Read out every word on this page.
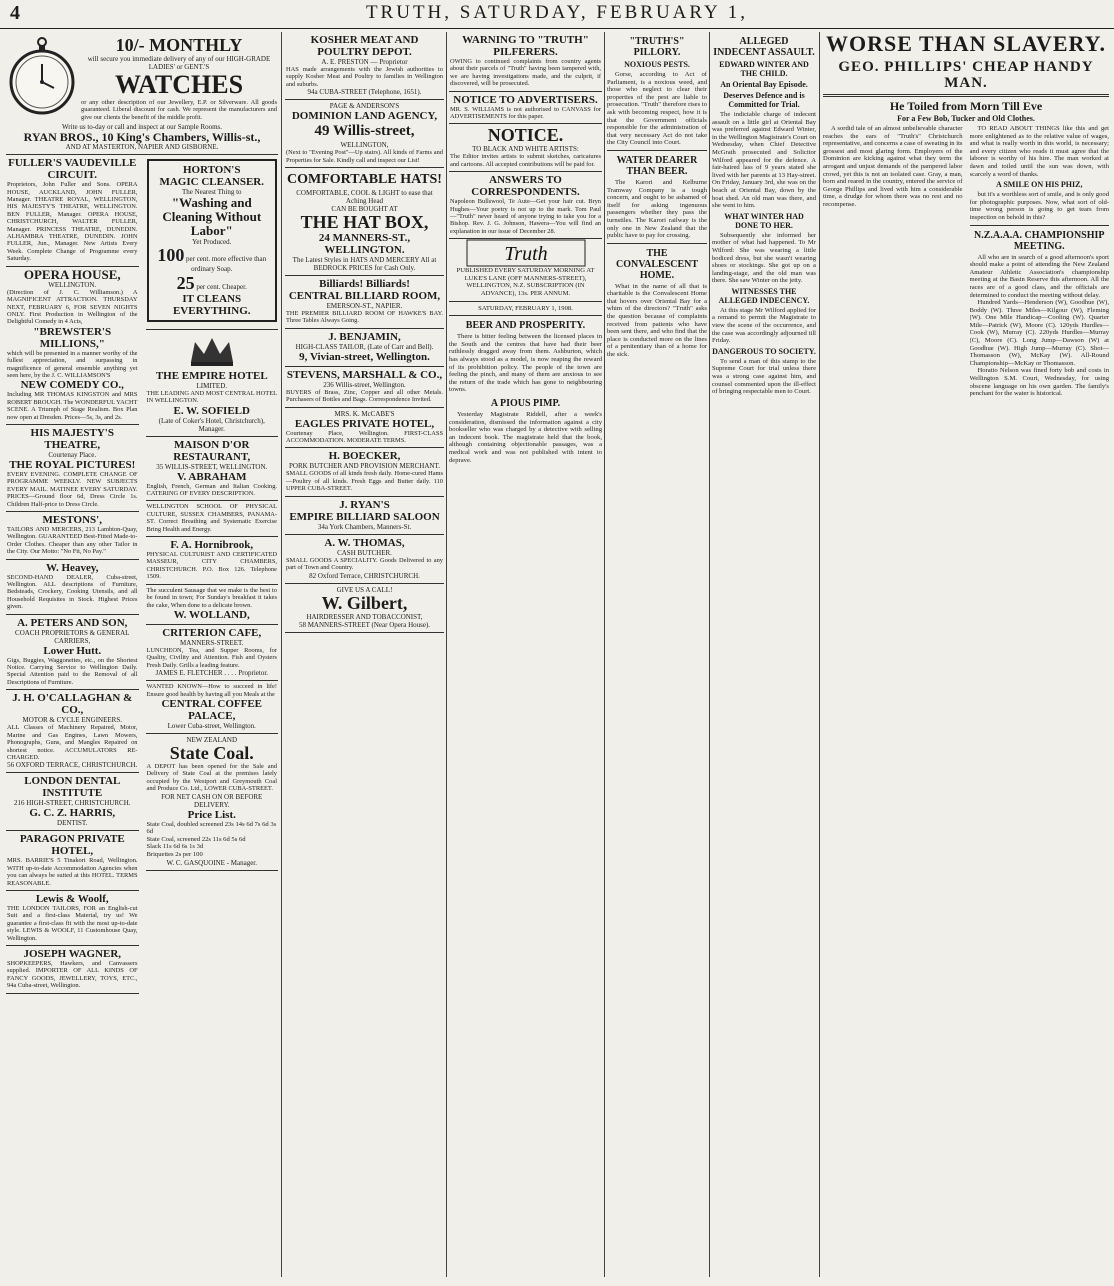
4	TRUTH, SATURDAY, FEBRUARY 1,
10/- MONTHLY
will secure you immediate delivery of any of our HIGH-GRADE LADIES' or GENT.'S
WATCHES
or any other description of our Jewellery, E.P. or Silverware. All goods guaranteed. Liberal discount for cash. We represent the manufacturers and give our clients the benefit of the middle profit.
Write us to-day or call and inspect at our Sample Rooms.
RYAN BROS., 10 King's Chambers, Willis-st.,
AND AT MASTERTON, NAPIER AND GISBORNE.
FULLER'S VAUDEVILLE CIRCUIT.
Proprietors, John Fuller and Sons. OPERA HOUSE, AUCKLAND, JOHN FULLER, Manager. THEATRE ROYAL, WELLINGTON, HIS MAJESTY'S THEATRE, WELLINGTON. BEN FULLER, Manager. OPERA HOUSE, CHRISTCHURCH, WALTER FULLER, Manager. PRINCESS THEATRE, DUNEDIN. ALHAMBRA THEATRE, DUNEDIN. JOHN FULLER, Jun., Manager. New Artists Every Week. Complete Change of Programme every Saturday.
OPERA HOUSE,
WELLINGTON.
(Direction of J. C. Williamson.) A MAGNIFICENT ATTRACTION. THURSDAY NEXT, FEBRUARY 6, FOR SEVEN NIGHTS ONLY. First Production in Wellington of the Delightful Comedy in 4 Acts,
"BREWSTER'S MILLIONS,"
which will be presented in a manner worthy of the fullest appreciation, and surpassing in magnificence of general ensemble anything yet seen here, by the J. C. WILLIAMSON'S
NEW COMEDY CO.,
Including MR THOMAS KINGSTON and MRS ROBERT BROUGH. The WONDERFUL YACHT SCENE. A Triumph of Stage Realism. Box Plan now open at Dresden. Prices—5s, 3s, and 2s.
HIS MAJESTY'S THEATRE,
Courtenay Place.
THE ROYAL PICTURES!
EVERY EVENING. COMPLETE CHANGE OF PROGRAMME WEEKLY. NEW SUBJECTS EVERY MAIL. MATINEE EVERY SATURDAY. PRICES—Ground floor 6d, Dress Circle 1s. Children Half-price to Dress Circle.
MESTONS',
TAILORS AND MERCERS, 213 Lambton-Quay, Wellington. GUARANTEED Best-Fitted Made-to-Order Clothes. Cheaper than any other Tailor in the City. Our Motto: "No Fit, No Pay."
W. Heavey,
SECOND-HAND DEALER, Cuba-street, Wellington. ALL descriptions of Furniture, Bedsteads, Crockery, Cooking Utensils, and all Household Requisites in Stock. Highest Prices given.
A. PETERS AND SON,
COACH PROPRIETORS & GENERAL CARRIERS,
Lower Hutt.
Gigs, Buggies, Waggonettes, etc., on the Shortest Notice. Carrying Service to Wellington Daily. Special Attention paid to the Removal of all Descriptions of Furniture.
J. H. O'CALLAGHAN & CO.,
MOTOR & CYCLE ENGINEERS.
ALL Classes of Machinery Repaired, Motor, Marine and Gas Engines, Lawn Mowers, Phonographs, Guns, and Mangles Repaired on shortest notice. ACCUMULATORS RE-CHARGED.
56 OXFORD TERRACE, CHRISTCHURCH.
LONDON DENTAL INSTITUTE
216 HIGH-STREET, CHRISTCHURCH.
G. C. Z. HARRIS,
DENTIST.
PARAGON PRIVATE HOTEL,
MRS. BARRIE'S 5 Tinakori Road, Wellington. WITH up-to-date Accommodation Agencies when you can always be suited at this HOTEL. TERMS REASONABLE.
Lewis & Woolf,
THE LONDON TAILORS, FOR an English-cut Suit and a first-class Material, try us! We guarantee a first-class fit with the most up-to-date style. LEWIS & WOOLF, 11 Customhouse Quay, Wellington.
JOSEPH WAGNER,
SHOPKEEPERS, Hawkers, and Canvassers supplied. IMPORTER OF ALL KINDS OF FANCY GOODS, JEWELLERY, TOYS, ETC., 94a Cuba-street, Wellington.
HORTON'S
MAGIC CLEANSER.
The Nearest Thing to
"Washing and Cleaning Without Labor"
Yet Produced.
100 per cent. more effective than ordinary Soap.
25 per cent. Cheaper.
IT CLEANS EVERYTHING.
THE EMPIRE HOTEL
LIMITED.
THE LEADING AND MOST CENTRAL HOTEL IN WELLINGTON.
E. W. SOFIELD
(Late of Coker's Hotel, Christchurch), Manager.
MAISON D'OR RESTAURANT,
35 WILLIS-STREET, WELLINGTON.
V. ABRAHAM
English, French, German and Italian Cooking. CATERING OF EVERY DESCRIPTION.
WELLINGTON SCHOOL OF PHYSICAL CULTURE, SUSSEX CHAMBERS, PANAMA-ST. Correct Breathing and Systematic Exercise Bring Health and Energy.
F. A. Hornibrook,
PHYSICAL CULTURIST AND CERTIFICATED MASSEUR, CITY CHAMBERS, CHRISTCHURCH. P.O. Box 126. Telephone 1509.
The succulent Sausage that we make is the best to be found in town; For Sunday's breakfast it takes the cake, When done to a delicate brown.
W. WOLLAND,
CRITERION CAFE,
MANNERS-STREET.
LUNCHEON, Tea, and Supper Rooms, for Quality, Civility and Attention. Fish and Oysters Fresh Daily. Grills a leading feature.
JAMES E. FLETCHER . . . . Proprietor.
WANTED KNOWN—How to succeed in life! Ensure good health by having all you Meals at the
CENTRAL COFFEE PALACE,
Lower Cuba-street, Wellington.
NEW ZEALAND
State Coal.
A DEPOT has been opened for the Sale and Delivery of State Coal at the premises lately occupied by the Westport and Greymouth Coal and Produce Co. Ltd., LOWER CUBA-STREET.
FOR NET CASH ON OR BEFORE DELIVERY.
Price List.
State Coal, doubled screened 23s 14s 6d 7s 6d 3s 6d
State Coal, screened 22s 11s 6d 5s 6d
Slack 11s 6d 6s 1s 3d
Briquettes 2s per 100
W. C. GASQUOINE - Manager.
KOSHER MEAT AND POULTRY DEPOT.
A. E. PRESTON — Proprietor
HAS made arrangements with the Jewish authorities to supply Kosher Meat and Poultry to families in Wellington and suburbs.
94a CUBA-STREET (Telephone, 1651).
PAGE & ANDERSON'S
DOMINION LAND AGENCY,
49 Willis-street,
WELLINGTON,
(Next to "Evening Post"—Up stairs). All kinds of Farms and Properties for Sale. Kindly call and inspect our List!
COMFORTABLE HATS!
COMFORTABLE, COOL & LIGHT to ease that Aching Head
CAN BE BOUGHT AT
THE HAT BOX,
24 MANNERS-ST., WELLINGTON.
The Latest Styles in HATS AND MERCERY All at BEDROCK PRICES for Cash Only.
Billiards! Billiards!
CENTRAL BILLIARD ROOM,
EMERSON-ST., NAPIER.
THE PREMIER BILLIARD ROOM OF HAWKE'S BAY. Three Tables Always Going.
J. BENJAMIN,
HIGH-CLASS TAILOR, (Late of Carr and Bell).
9, Vivian-street, Wellington.
STEVENS, MARSHALL & CO.,
236 Willis-street, Wellington.
BUYERS of Brass, Zinc, Copper and all other Metals. Purchasers of Bottles and Bags. Correspondence Invited.
MRS. K. McCABE'S
EAGLES PRIVATE HOTEL,
Courtenay Place, Wellington. FIRST-CLASS ACCOMMODATION. MODERATE TERMS.
H. BOECKER,
PORK BUTCHER AND PROVISION MERCHANT.
SMALL GOODS of all kinds fresh daily. Home-cured Hams—Poultry of all kinds. Fresh Eggs and Butter daily. 110 UPPER CUBA-STREET.
J. RYAN'S
EMPIRE BILLIARD SALOON
34a York Chambers, Manners-St.
A. W. THOMAS,
CASH BUTCHER.
SMALL GOODS A SPECIALITY. Goods Delivered to any part of Town and Country.
82 Oxford Terrace, CHRISTCHURCH.
GIVE US A CALL!
W. Gilbert,
HAIRDRESSER AND TOBACCONIST,
58 MANNERS-STREET (Near Opera House).
WARNING TO "TRUTH" PILFERERS.
OWING to continued complaints from country agents about their parcels of "Truth" having been tampered with, we are having investigations made, and the culprit, if discovered, will be prosecuted.
NOTICE TO ADVERTISERS.
MR. S. WILLIAMS is not authorised to CANVASS for ADVERTISEMENTS for this paper.
NOTICE.
TO BLACK AND WHITE ARTISTS:
The Editor invites artists to submit sketches, caricatures and cartoons. All accepted contributions will be paid for.
ANSWERS TO CORRESPONDENTS.
Napoleon Bullswool, Te Aute—Get your hair cut. Bryn Hughes—Your poetry is not up to the mark. Tom Paul—"Truth" never heard of anyone trying to take you for a Bishop. Rev. J. G. Johnson, Hawera—You will find an explanation in our issue of December 28.
Truth
PUBLISHED EVERY SATURDAY MORNING AT LUKE'S LANE (OFF MANNERS-STREET), WELLINGTON, N.Z. SUBSCRIPTION (IN ADVANCE), 13s. PER ANNUM.
SATURDAY, FEBRUARY 1, 1908.
BEER AND PROSPERITY.

There is bitter feeling between the licensed places in the South and the centres that have had their beer ruthlessly dragged away from them. Ashburton, which has always stood as a model, is now reaping the reward of its prohibition policy. The people of the town are feeling the pinch, and many of them are anxious to see the return of the trade which has gone to neighbouring towns.

A PIOUS PIMP.

Yesterday Magistrate Riddell, after a week's consideration, dismissed the information against a city bookseller who was charged by a detective with selling an indecent book. The magistrate held that the book, although containing objectionable passages, was a medical work and was not published with intent to deprave.

"TRUTH'S" PILLORY.
NOXIOUS PESTS.

Gorse, according to Act of Parliament, is a noxious weed, and those who neglect to clear their properties of the pest are liable to prosecution. "Truth" therefore rises to ask with becoming respect, how it is that the Government officials responsible for the administration of that very necessary Act do not take the City Council into Court.

WATER DEARER THAN BEER.

The Karori and Kelburne Tramway Company is a tough concern, and ought to be ashamed of itself for asking ingenuous passengers whether they pass the turnstiles. The Karori railway is the only one in New Zealand that the public have to pay for crossing.

THE CONVALESCENT HOME.

What in the name of all that is charitable is the Convalescent Home that hovers over Oriental Bay for a whim of the directors? "Truth" asks the question because of complaints received from patients who have been sent there, and who find that the place is conducted more on the lines of a penitentiary than of a home for the sick.

ALLEGED INDECENT ASSAULT.
EDWARD WINTER AND THE CHILD.
An Oriental Bay Episode.
Deserves Defence and is Committed for Trial.

The indictable charge of indecent assault on a little girl at Oriental Bay was preferred against Edward Winter, in the Wellington Magistrate's Court on Wednesday, when Chief Detective McGrath prosecuted and Solicitor Wilford appeared for the defence. A fair-haired lass of 9 years stated she lived with her parents at 13 Hay-street. On Friday, January 3rd, she was on the beach at Oriental Bay, down by the boat shed. An old man was there, and she went to him.

WHAT WINTER HAD DONE TO HER.

Subsequently she informed her mother of what had happened. To Mr Wilford: She was wearing a little bodiced dress, but she wasn't wearing shoes or stockings. She got up on a landing-stage, and the old man was there. She saw Winter on the jetty.

WITNESSES THE ALLEGED INDECENCY.

At this stage Mr Wilford applied for a remand to permit the Magistrate to view the scene of the occurrence, and the case was accordingly adjourned till Friday.

DANGEROUS TO SOCIETY.

To send a man of this stamp to the Supreme Court for trial unless there was a strong case against him, and counsel commented upon the ill-effect of bringing respectable men to Court.

WORSE THAN SLAVERY.
GEO. PHILLIPS' CHEAP HANDY MAN.
He Toiled from Morn Till Eve
For a Few Bob, Tucker and Old Clothes.

A sordid tale of an almost unbelievable character reaches the ears of "Truth's" Christchurch representative, and concerns a case of sweating in its grossest and most glaring form. Employers of the Dominion are kicking against what they term the arrogant and unjust demands of the pampered labor crowd, yet this is not an isolated case. Gray, a man, born and reared in the country, entered the service of George Phillips and lived with him a considerable time, a drudge for whom there was no rest and no recompense.

TO READ ABOUT THINGS like this and get more enlightened as to the relative value of wages, and what is really worth in this world, is necessary; and every citizen who reads it must agree that the laborer is worthy of his hire. The man worked at dawn and toiled until the sun was down, with scarcely a word of thanks.

A SMILE ON HIS PHIZ,

but it's a worthless sort of smile, and is only good for photographic purposes. Now, what sort of old-time wrong person is going to get tears from inspection on behold in this?

N.Z.A.A.A. CHAMPIONSHIP MEETING.

All who are in search of a good afternoon's sport should make a point of attending the New Zealand Amateur Athletic Association's championship meeting at the Basin Reserve this afternoon. All the races are of a good class, and the officials are determined to conduct the meeting without delay.

Hundred Yards—Henderson (W), Goodhue (W), Boddy (W). Three Miles—Kilgour (W), Fleming (W). One Mile Handicap—Cooling (W). Quarter Mile—Patrick (W), Moore (C). 120yds Hurdles—Cook (W), Murray (C). 220yds Hurdles—Murray (C), Moore (C). Long Jump—Dawson (W) at Goodhue (W). High Jump—Murray (C). Shot—Thomasson (W), McKay (W). All-Round Championship—McKay or Thomasson.

Horatio Nelson was fined forty bob and costs in Wellington S.M. Court, Wednesday, for using obscene language on his own garden. The family's penchant for the water is historical.
